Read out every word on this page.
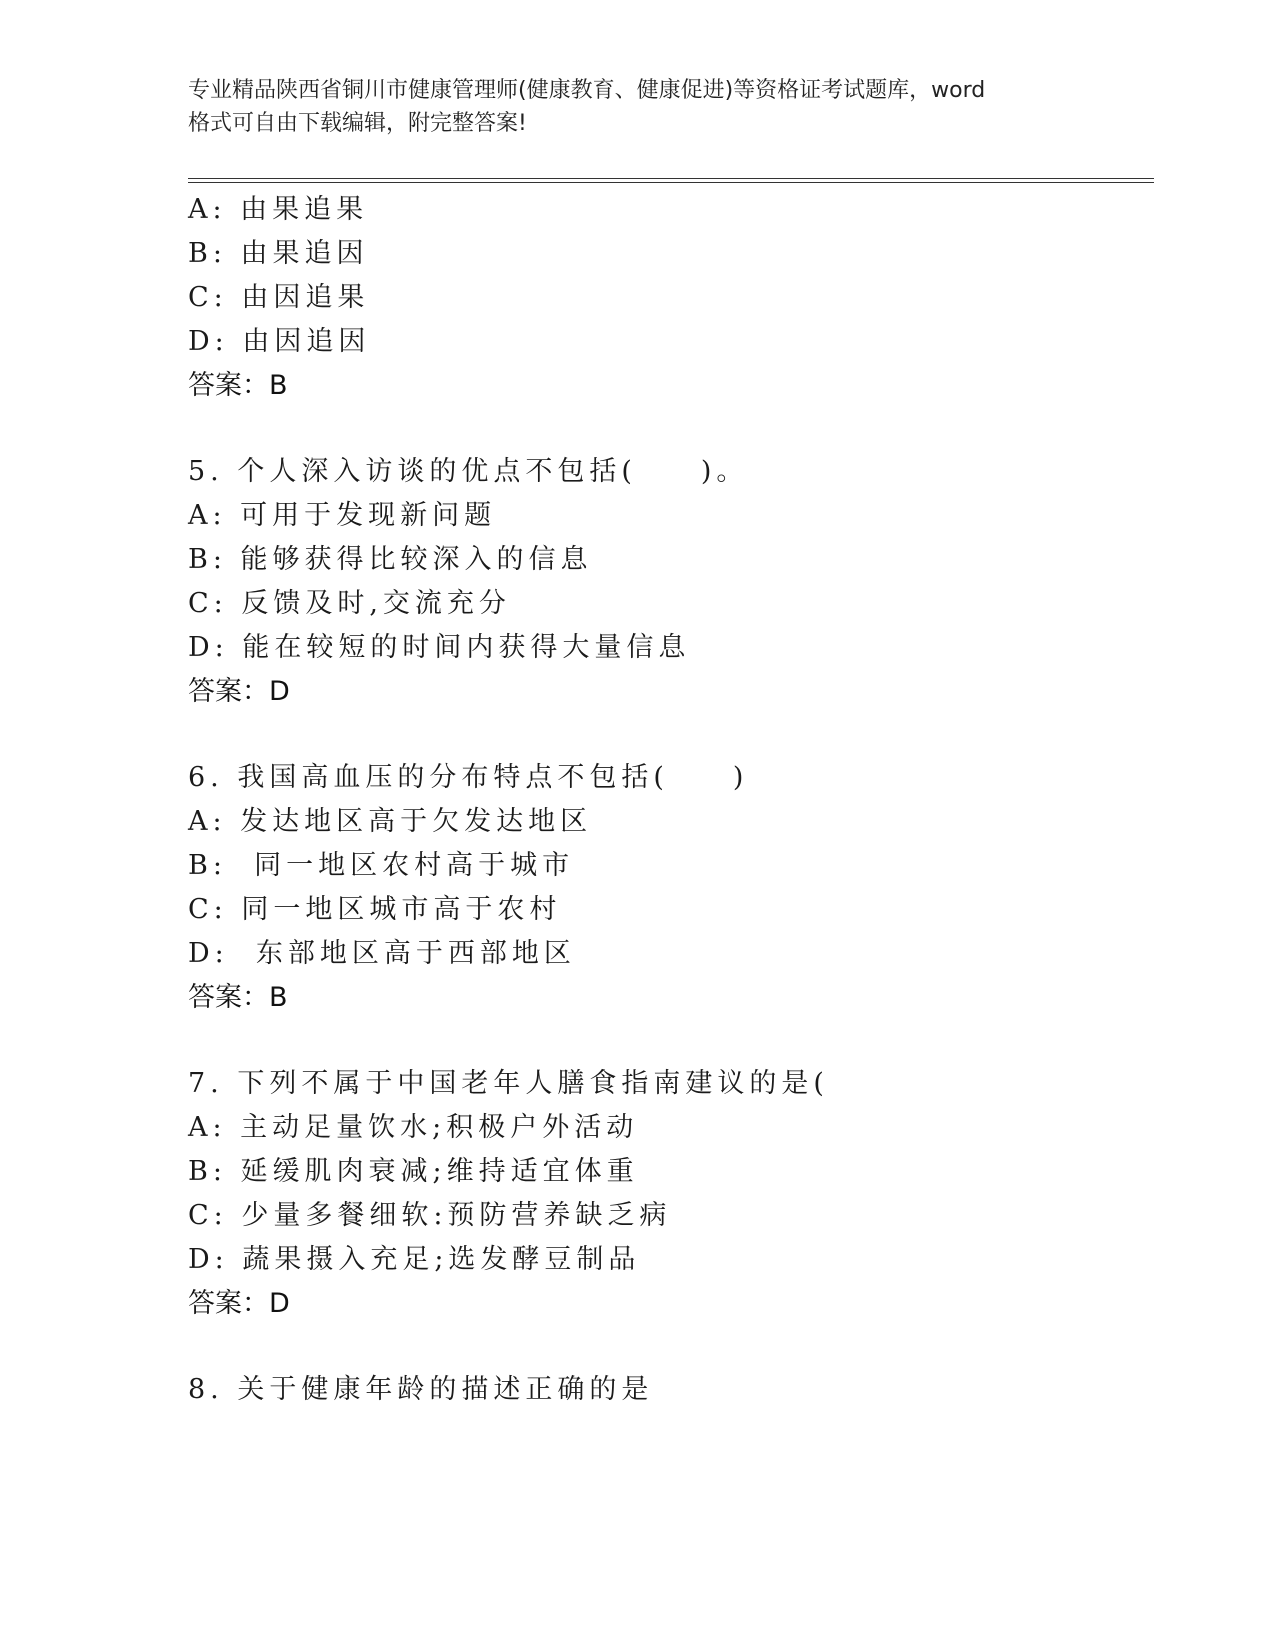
专业精品陕西省铜川市健康管理师(健康教育、健康促进)等资格证考试题库，word
格式可自由下载编辑，附完整答案!
A: 由果追果
B: 由果追因
C: 由因追果
D: 由因追因
答案：B
5. 个人深入访谈的优点不包括(　　)。
A: 可用于发现新问题
B: 能够获得比较深入的信息
C: 反馈及时,交流充分
D: 能在较短的时间内获得大量信息
答案：D
6. 我国高血压的分布特点不包括(　　)
A: 发达地区高于欠发达地区
B:  同一地区农村高于城市
C: 同一地区城市高于农村
D:  东部地区高于西部地区
答案：B
7. 下列不属于中国老年人膳食指南建议的是(
A: 主动足量饮水;积极户外活动
B: 延缓肌肉衰减;维持适宜体重
C: 少量多餐细软:预防营养缺乏病
D: 蔬果摄入充足;选发酵豆制品
答案：D
8. 关于健康年龄的描述正确的是
